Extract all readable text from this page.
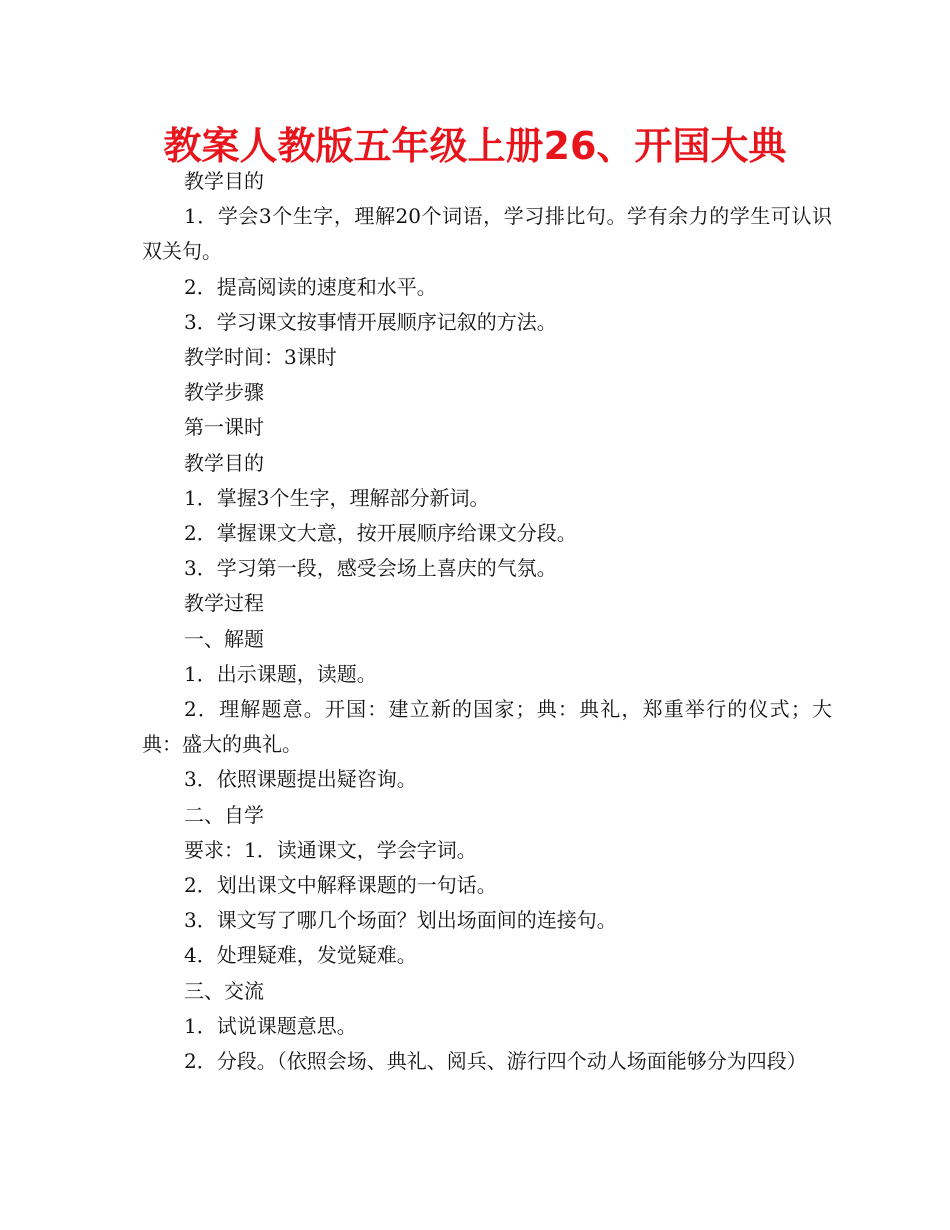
教案人教版五年级上册26、开国大典

教学目的

1．学会3个生字，理解20个词语，学习排比句。学有余力的学生可认识双关句。

2．提高阅读的速度和水平。

3．学习课文按事情开展顺序记叙的方法。

教学时间：3课时

教学步骤

第一课时

教学目的

1．掌握3个生字，理解部分新词。

2．掌握课文大意，按开展顺序给课文分段。

3．学习第一段，感受会场上喜庆的气氛。

教学过程

一、解题

1．出示课题，读题。

2．理解题意。开国：建立新的国家；典：典礼，郑重举行的仪式；大典：盛大的典礼。

3．依照课题提出疑咨询。

二、自学

要求：1．读通课文，学会字词。

2．划出课文中解释课题的一句话。

3．课文写了哪几个场面？划出场面间的连接句。

4．处理疑难，发觉疑难。

三、交流

1．试说课题意思。

2．分段。（依照会场、典礼、阅兵、游行四个动人场面能够分为四段）
